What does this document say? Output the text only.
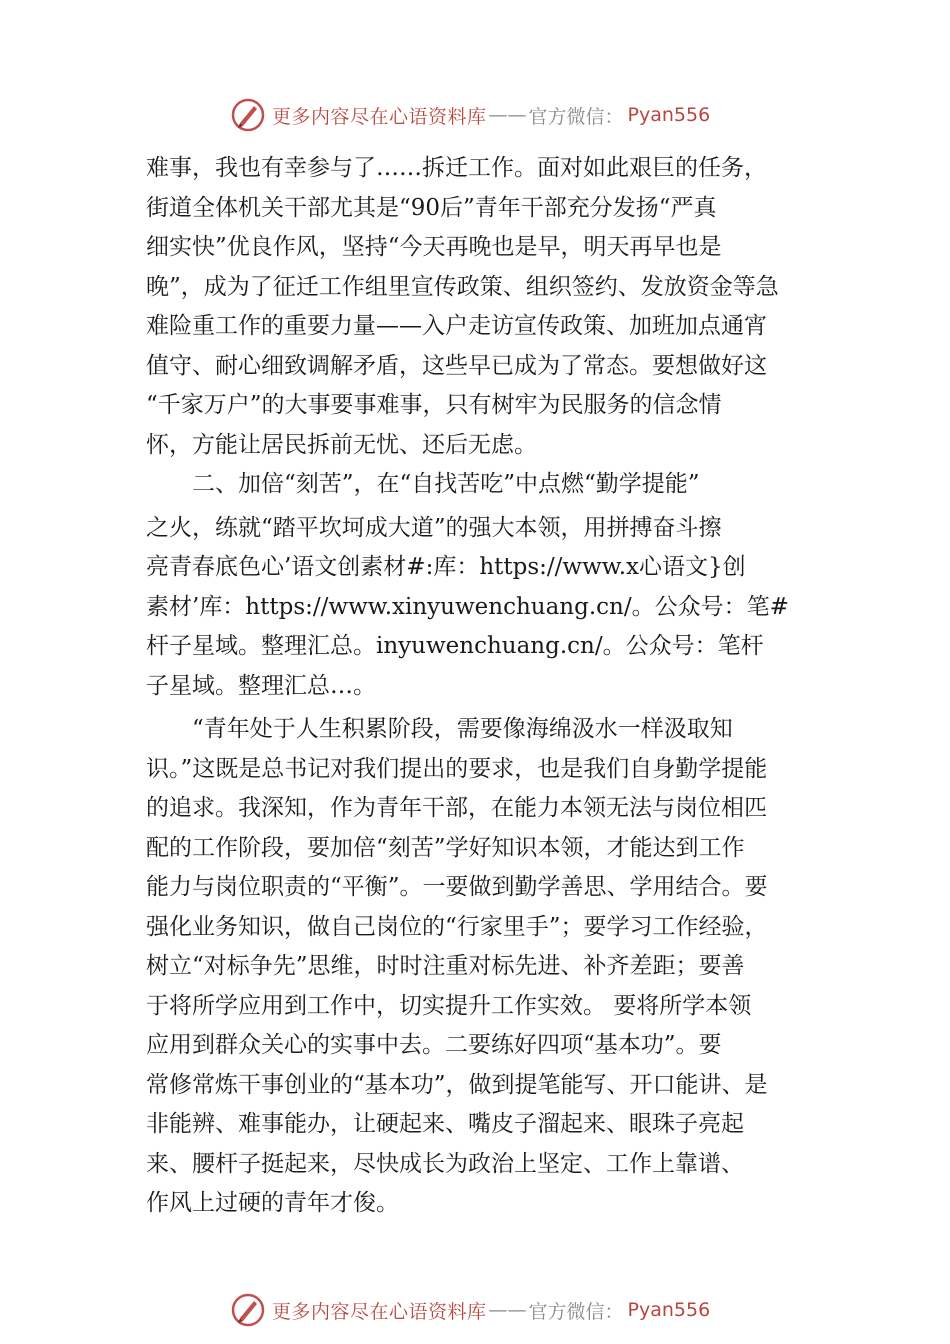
更多内容尽在心语资料库 —— 官方微信： Pyan556
难事，我也有幸参与了……拆迁工作。面对如此艰巨的任务，
街道全体机关干部尤其是“90后”青年干部充分发扬“严真
细实快”优良作风，坚持“今天再晚也是早，明天再早也是
晚”，成为了征迁工作组里宣传政策、组织签约、发放资金等急
难险重工作的重要力量——入户走访宣传政策、加班加点通宵
值守、耐心细致调解矛盾，这些早已成为了常态。要想做好这
“千家万户”的大事要事难事，只有树牢为民服务的信念情
怀，方能让居民拆前无忧、还后无虑。
　　二、加倍“刻苦”，在“自找苦吃”中点燃“勤学提能”
之火，练就“踏平坎坷成大道”的强大本领，用拼搏奋斗擦
亮青春底色心’语文创素材#:库：https://www.x心语文}创
素材’库：https://www.xinyuwenchuang.cn/。公众号：笔#
杆子星域。整理汇总。inyuwenchuang.cn/。公众号：笔杆
子星域。整理汇总…。
　　“青年处于人生积累阶段，需要像海绵汲水一样汲取知
识。”这既是总书记对我们提出的要求，也是我们自身勤学提能
的追求。我深知，作为青年干部，在能力本领无法与岗位相匹
配的工作阶段，要加倍“刻苦”学好知识本领，才能达到工作
能力与岗位职责的“平衡”。一要做到勤学善思、学用结合。要
强化业务知识，做自己岗位的“行家里手”；要学习工作经验，
树立“对标争先”思维，时时注重对标先进、补齐差距；要善
于将所学应用到工作中，切实提升工作实效。 要将所学本领
应用到群众关心的实事中去。二要练好四项“基本功”。要
常修常炼干事创业的“基本功”，做到提笔能写、开口能讲、是
非能辨、难事能办，让硬起来、嘴皮子溜起来、眼珠子亮起
来、腰杆子挺起来，尽快成长为政治上坚定、工作上靠谱、
作风上过硬的青年才俊。
更多内容尽在心语资料库 —— 官方微信： Pyan556
